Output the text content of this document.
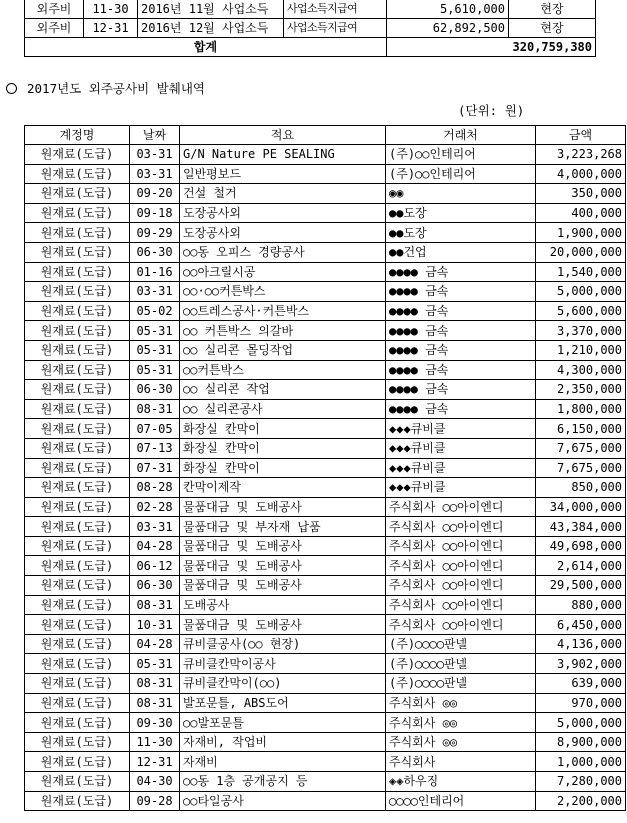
외주비	11-30	2016년 11월 사업소득	사업소득지급여	5,610,000	현장
외주비	12-31	2016년 12월 사업소득	사업소득지급여	62,892,500	현장
합계				320,759,380	
2017년도 외주공사비 발췌내역
(단위: 원)
계정명	날짜	적요	거래처	금액
원재료(도급)	03-31	G/N Nature PE SEALING	(주)○○인테리어	3,223,268
원재료(도급)	03-31	일반평보드	(주)○○인테리어	4,000,000
원재료(도급)	09-20	건설 철거	◉◉	350,000
원재료(도급)	09-18	도장공사외	●●도장	400,000
원재료(도급)	09-29	도장공사외	●●도장	1,900,000
원재료(도급)	06-30	○○동 오피스 경량공사	●●건업	20,000,000
원재료(도급)	01-16	○○아크릴시공	●●●● 금속	1,540,000
원재료(도급)	03-31	○○·○○커튼박스	●●●● 금속	5,000,000
원재료(도급)	05-02	○○트레스공사·커튼박스	●●●● 금속	5,600,000
원재료(도급)	05-31	○○ 커튼박스 의갈바	●●●● 금속	3,370,000
원재료(도급)	05-31	○○ 실리콘 몰딩작업	●●●● 금속	1,210,000
원재료(도급)	05-31	○○커튼박스	●●●● 금속	4,300,000
원재료(도급)	06-30	○○ 실리콘 작업	●●●● 금속	2,350,000
원재료(도급)	08-31	○○ 실리콘공사	●●●● 금속	1,800,000
원재료(도급)	07-05	화장실 칸막이	◆◆◆큐비클	6,150,000
원재료(도급)	07-13	화장실 칸막이	◆◆◆큐비클	7,675,000
원재료(도급)	07-31	화장실 칸막이	◆◆◆큐비클	7,675,000
원재료(도급)	08-28	칸막이제작	◆◆◆큐비클	850,000
원재료(도급)	02-28	물품대금 및 도배공사	주식회사 ◯◯아이엔디	34,000,000
원재료(도급)	03-31	물품대금 및 부자재 납품	주식회사 ◯◯아이엔디	43,384,000
원재료(도급)	04-28	물품대금 및 도배공사	주식회사 ◯◯아이엔디	49,698,000
원재료(도급)	06-12	물품대금 및 도배공사	주식회사 ◯◯아이엔디	2,614,000
원재료(도급)	06-30	물품대금 및 도배공사	주식회사 ◯◯아이엔디	29,500,000
원재료(도급)	08-31	도배공사	주식회사 ◯◯아이엔디	880,000
원재료(도급)	10-31	물품대금 및 도배공사	주식회사 ◯◯아이엔디	6,450,000
원재료(도급)	04-28	큐비클공사(○○ 현장)	(주)◯◯◯◯판넬	4,136,000
원재료(도급)	05-31	큐비클칸막이공사	(주)◯◯◯◯판넬	3,902,000
원재료(도급)	08-31	큐비클칸막이(○○)	(주)◯◯◯◯판넬	639,000
원재료(도급)	08-31	발포문틀, ABS도어	주식회사 ◎◎	970,000
원재료(도급)	09-30	○○발포문틀	주식회사 ◎◎	5,000,000
원재료(도급)	11-30	자재비, 작업비	주식회사 ◎◎	8,900,000
원재료(도급)	12-31	자재비	주식회사	1,000,000
원재료(도급)	04-30	○○동 1층 공개공지 등	◈◈하우징	7,280,000
원재료(도급)	09-28	○○타일공사	◯◯◯◯인테리어	2,200,000
